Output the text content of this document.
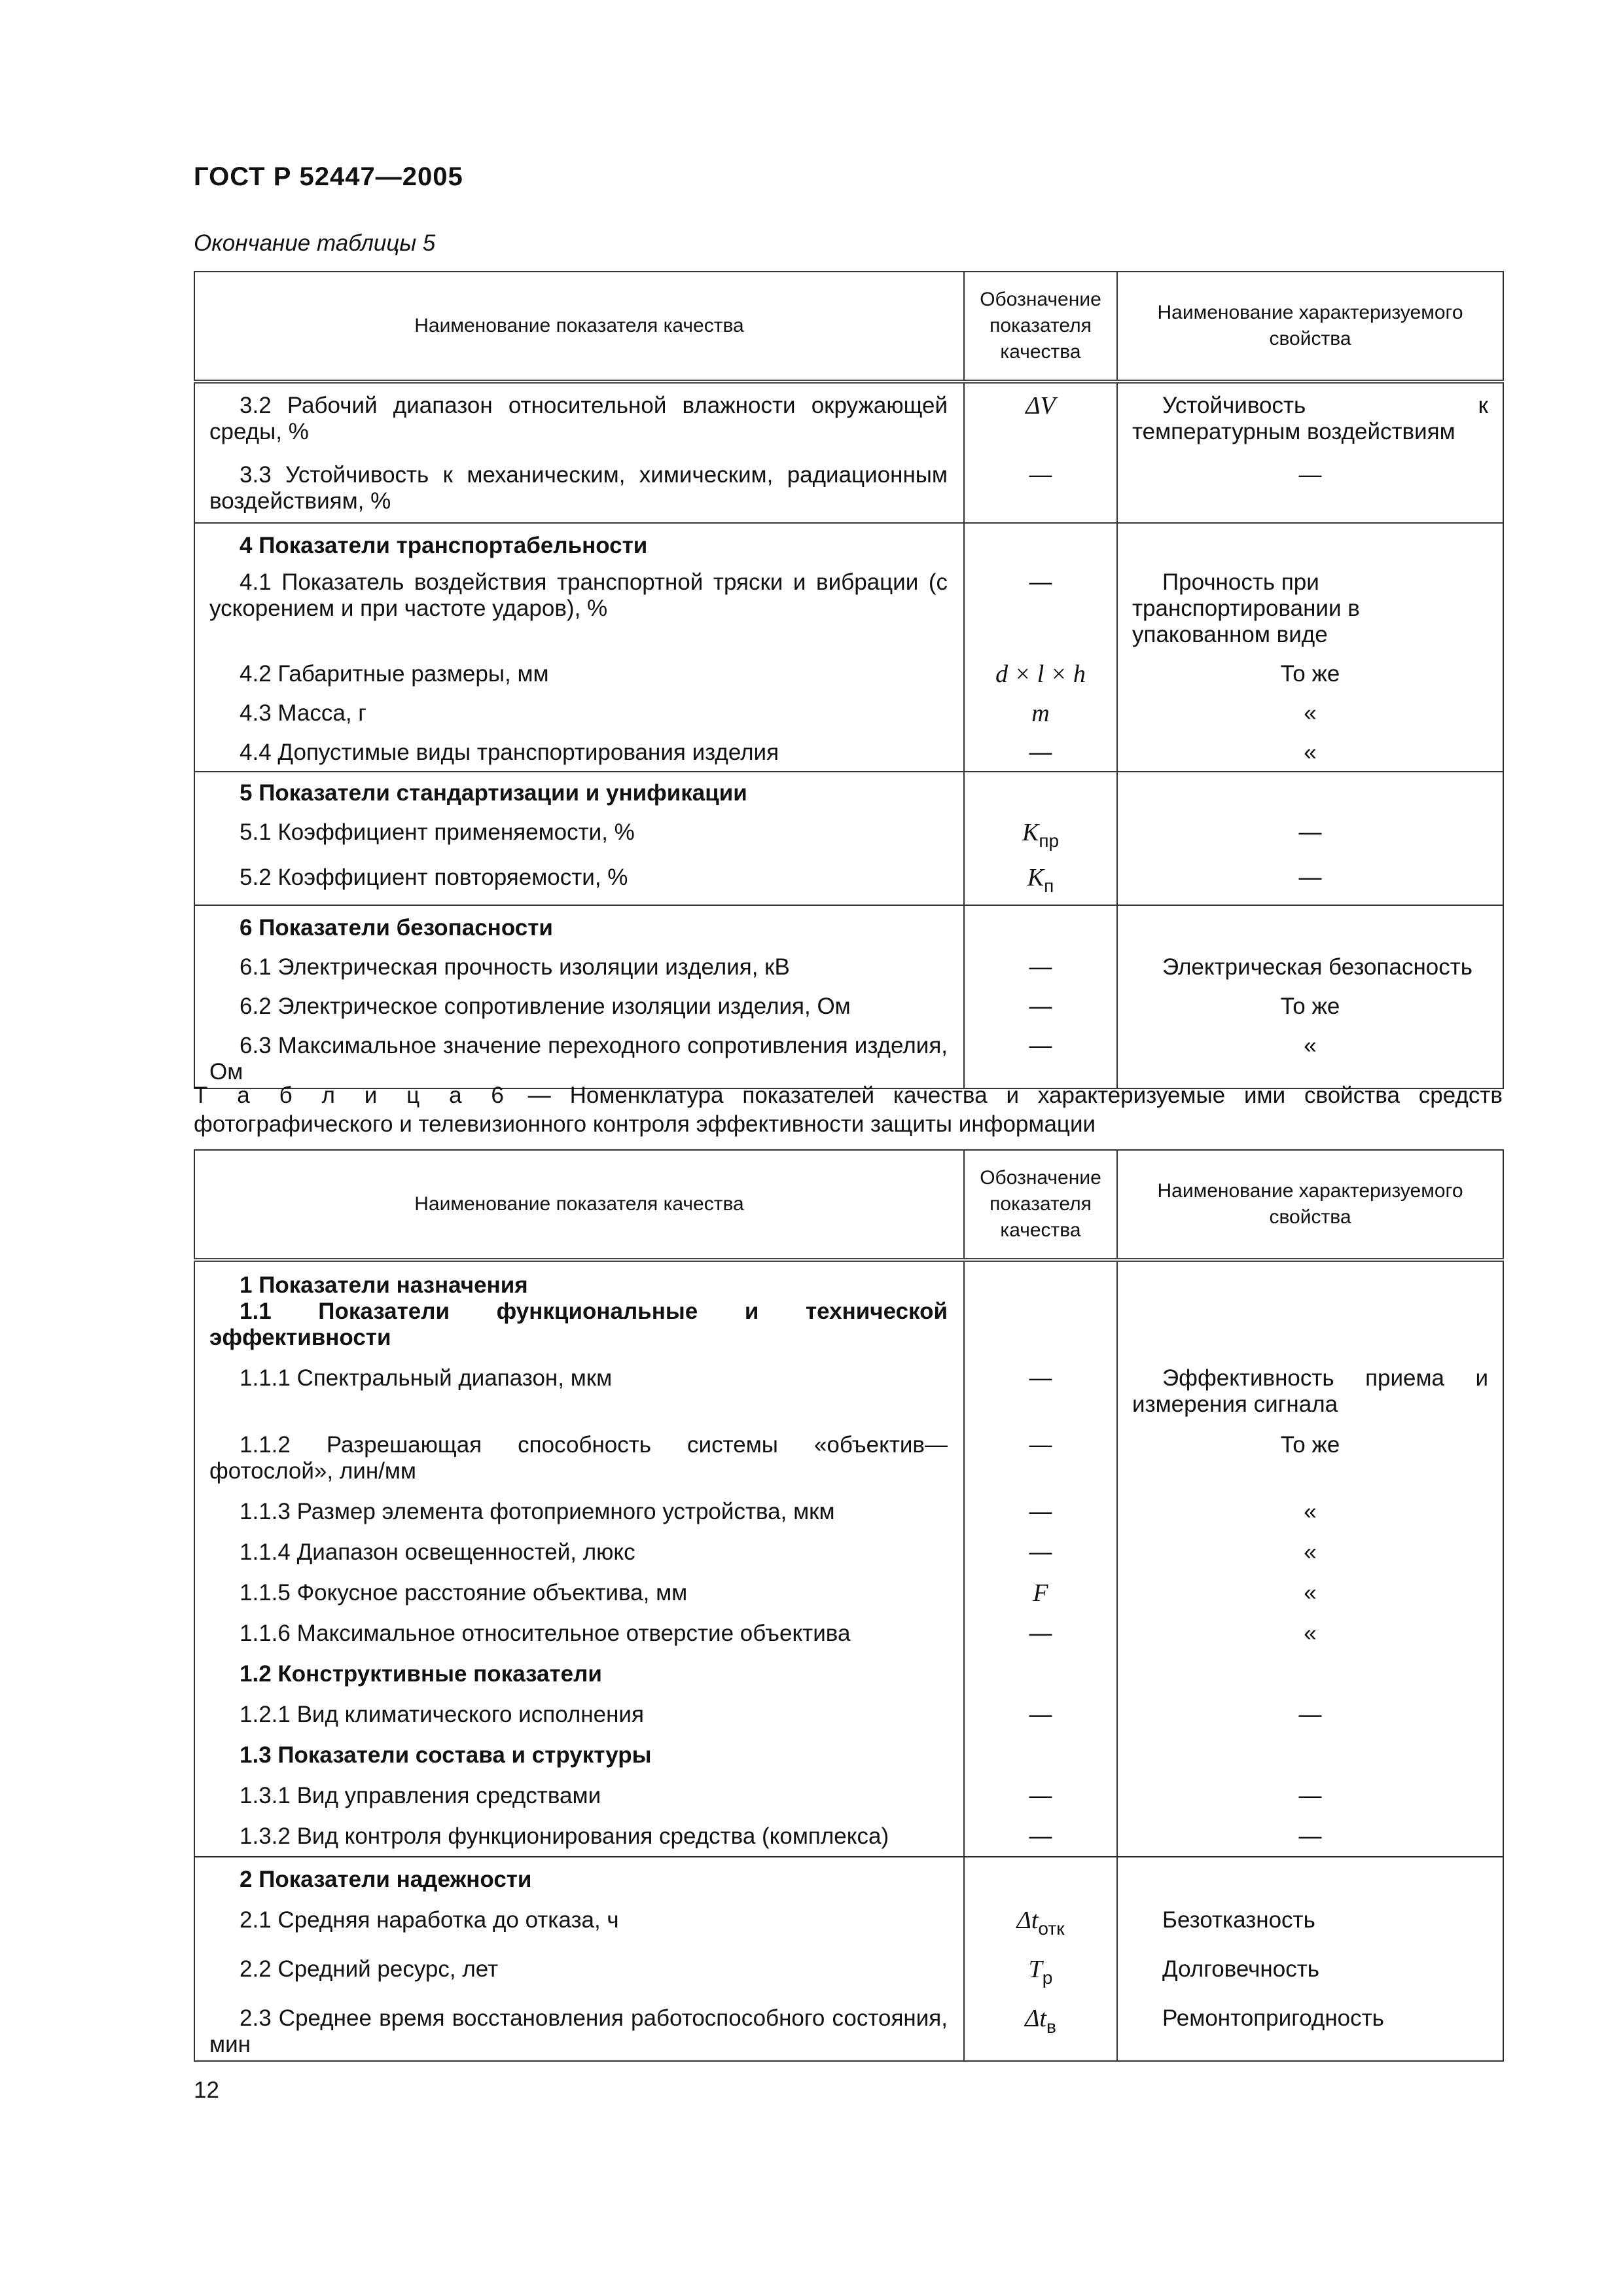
ГОСТ Р 52447—2005
Окончание таблицы 5
Наименование показателя качества	Обозначение показателя качества	Наименование характеризуемого свойства
3.2 Рабочий диапазон относительной влажности окружающей среды, %	ΔV	Устойчивость к температурным воздействиям
3.3 Устойчивость к механическим, химическим, радиационным воздействиям, %	—	—
4 Показатели транспортабельности		
4.1 Показатель воздействия транспортной тряски и вибрации (с ускорением и при частоте ударов), %	—	Прочность при транспортировании в упакованном виде
4.2 Габаритные размеры, мм	d × l × h	То же
4.3 Масса, г	m	«
4.4 Допустимые виды транспортирования изделия	—	«
5 Показатели стандартизации и унификации		
5.1 Коэффициент применяемости, %	$K_{пр}$	—
5.2 Коэффициент повторяемости, %	$K_п$	—
6 Показатели безопасности		
6.1 Электрическая прочность изоляции изделия, кВ	—	Электрическая безопасность
6.2 Электрическое сопротивление изоляции изделия, Ом	—	То же
6.3 Максимальное значение переходного сопротивления изделия, Ом	—	«
Т а б л и ц а 6 — Номенклатура показателей качества и характеризуемые ими свойства средств фотографического и телевизионного контроля эффективности защиты информации
Наименование показателя качества	Обозначение показателя качества	Наименование характеризуемого свойства
1 Показатели назначения		
1.1 Показатели функциональные и технической эффективности		
1.1.1 Спектральный диапазон, мкм	—	Эффективность приема и измерения сигнала
1.1.2 Разрешающая способность системы «объектив—фотослой», лин/мм	—	То же
1.1.3 Размер элемента фотоприемного устройства, мкм	—	«
1.1.4 Диапазон освещенностей, люкс	—	«
1.1.5 Фокусное расстояние объектива, мм	F	«
1.1.6 Максимальное относительное отверстие объектива	—	«
1.2 Конструктивные показатели		
1.2.1 Вид климатического исполнения	—	—
1.3 Показатели состава и структуры		
1.3.1 Вид управления средствами	—	—
1.3.2 Вид контроля функционирования средства (комплекса)	—	—
2 Показатели надежности		
2.1 Средняя наработка до отказа, ч	$\Delta t_{отк}$	Безотказность
2.2 Средний ресурс, лет	$T_р$	Долговечность
2.3 Среднее время восстановления работоспособного состояния, мин	$\Delta t_в$	Ремонтопригодность
12
